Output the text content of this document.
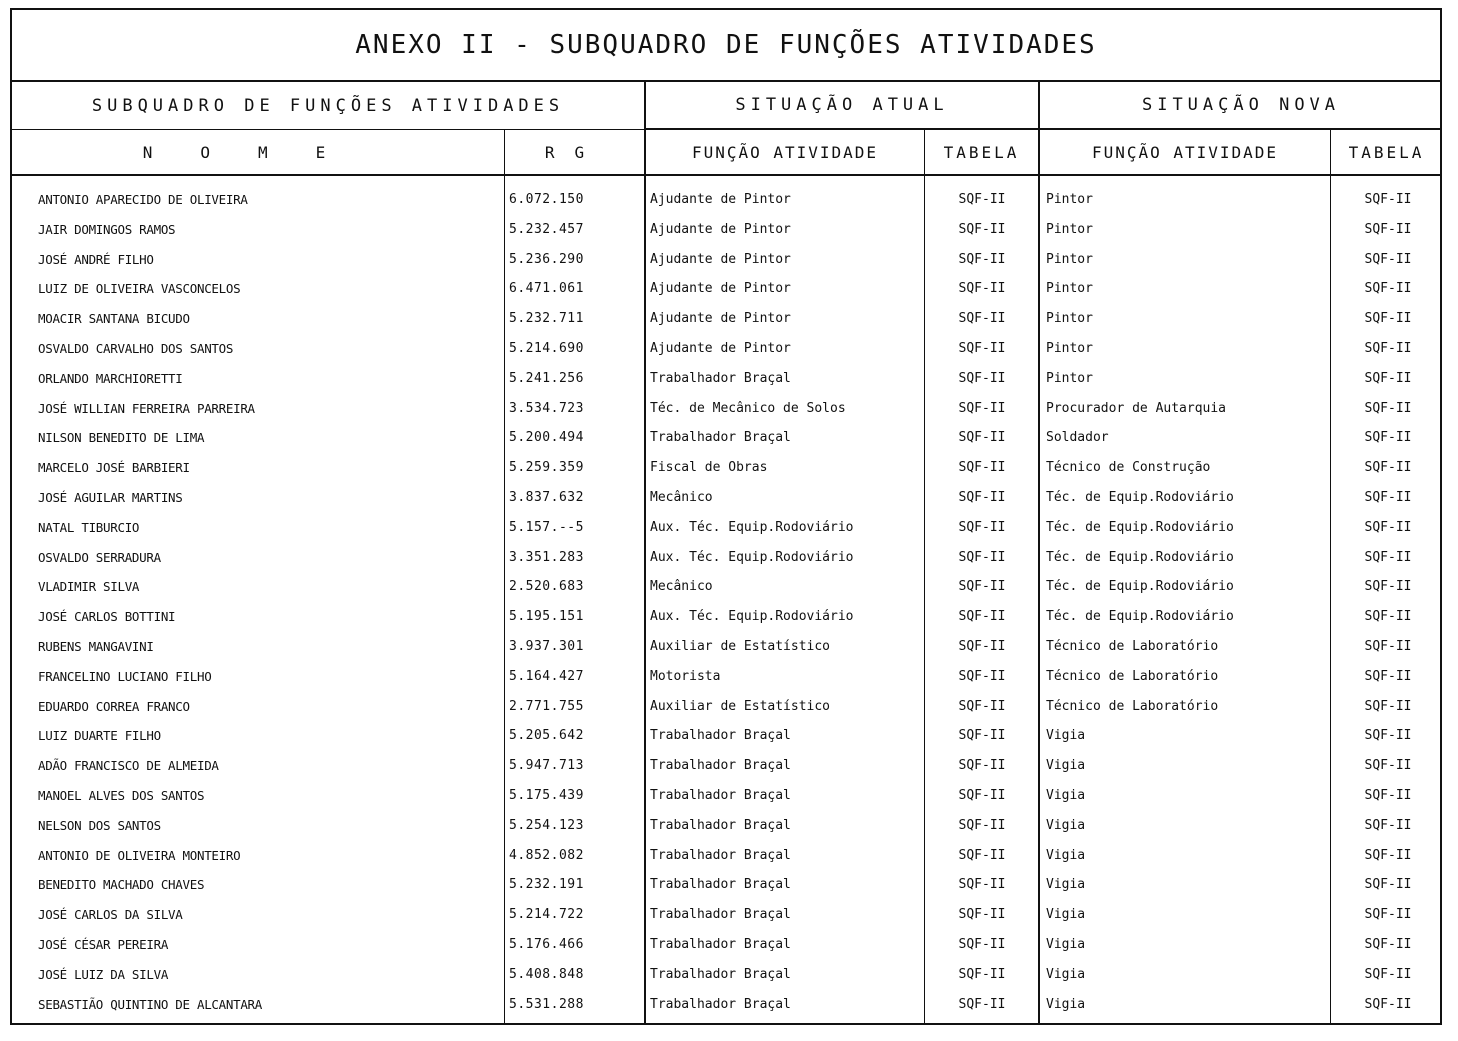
ANEXO II - SUBQUADRO DE FUNÇÕES ATIVIDADES
SUBQUADRO DE FUNÇÕES ATIVIDADES	SITUAÇÃO ATUAL	SITUAÇÃO NOVA
NOME	RG	FUNÇÃO ATIVIDADE	TABELA	FUNÇÃO ATIVIDADE	TABELA
ANTONIO APARECIDO DE OLIVEIRA	6.072.150	Ajudante de Pintor	SQF-II	Pintor	SQF-II
JAIR DOMINGOS RAMOS	5.232.457	Ajudante de Pintor	SQF-II	Pintor	SQF-II
JOSÉ ANDRÉ FILHO	5.236.290	Ajudante de Pintor	SQF-II	Pintor	SQF-II
LUIZ DE OLIVEIRA VASCONCELOS	6.471.061	Ajudante de Pintor	SQF-II	Pintor	SQF-II
MOACIR SANTANA BICUDO	5.232.711	Ajudante de Pintor	SQF-II	Pintor	SQF-II
OSVALDO CARVALHO DOS SANTOS	5.214.690	Ajudante de Pintor	SQF-II	Pintor	SQF-II
ORLANDO MARCHIORETTI	5.241.256	Trabalhador Braçal	SQF-II	Pintor	SQF-II
JOSÉ WILLIAN FERREIRA PARREIRA	3.534.723	Téc. de Mecânico de Solos	SQF-II	Procurador de Autarquia	SQF-II
NILSON BENEDITO DE LIMA	5.200.494	Trabalhador Braçal	SQF-II	Soldador	SQF-II
MARCELO JOSÉ BARBIERI	5.259.359	Fiscal de Obras	SQF-II	Técnico de Construção	SQF-II
JOSÉ AGUILAR MARTINS	3.837.632	Mecânico	SQF-II	Téc. de Equip.Rodoviário	SQF-II
NATAL TIBURCIO	5.157.--5	Aux. Téc. Equip.Rodoviário	SQF-II	Téc. de Equip.Rodoviário	SQF-II
OSVALDO SERRADURA	3.351.283	Aux. Téc. Equip.Rodoviário	SQF-II	Téc. de Equip.Rodoviário	SQF-II
VLADIMIR SILVA	2.520.683	Mecânico	SQF-II	Téc. de Equip.Rodoviário	SQF-II
JOSÉ CARLOS BOTTINI	5.195.151	Aux. Téc. Equip.Rodoviário	SQF-II	Téc. de Equip.Rodoviário	SQF-II
RUBENS MANGAVINI	3.937.301	Auxiliar de Estatístico	SQF-II	Técnico de Laboratório	SQF-II
FRANCELINO LUCIANO FILHO	5.164.427	Motorista	SQF-II	Técnico de Laboratório	SQF-II
EDUARDO CORREA FRANCO	2.771.755	Auxiliar de Estatístico	SQF-II	Técnico de Laboratório	SQF-II
LUIZ DUARTE FILHO	5.205.642	Trabalhador Braçal	SQF-II	Vigia	SQF-II
ADÃO FRANCISCO DE ALMEIDA	5.947.713	Trabalhador Braçal	SQF-II	Vigia	SQF-II
MANOEL ALVES DOS SANTOS	5.175.439	Trabalhador Braçal	SQF-II	Vigia	SQF-II
NELSON DOS SANTOS	5.254.123	Trabalhador Braçal	SQF-II	Vigia	SQF-II
ANTONIO DE OLIVEIRA MONTEIRO	4.852.082	Trabalhador Braçal	SQF-II	Vigia	SQF-II
BENEDITO MACHADO CHAVES	5.232.191	Trabalhador Braçal	SQF-II	Vigia	SQF-II
JOSÉ CARLOS DA SILVA	5.214.722	Trabalhador Braçal	SQF-II	Vigia	SQF-II
JOSÉ CÉSAR PEREIRA	5.176.466	Trabalhador Braçal	SQF-II	Vigia	SQF-II
JOSÉ LUIZ DA SILVA	5.408.848	Trabalhador Braçal	SQF-II	Vigia	SQF-II
SEBASTIÃO QUINTINO DE ALCANTARA	5.531.288	Trabalhador Braçal	SQF-II	Vigia	SQF-II
